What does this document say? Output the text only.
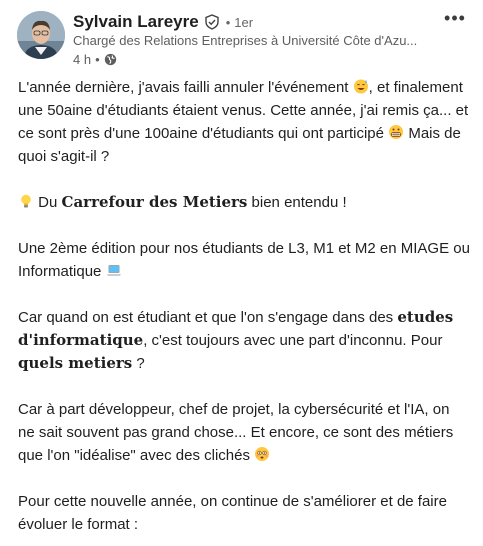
Sylvain Lareyre • 1er
Chargé des Relations Entreprises à Université Côte d'Azu...
4 h •
•••

L'année dernière, j'avais failli annuler l'événement , et finalement une 50aine d'étudiants étaient venus. Cette année, j'ai remis ça... et ce sont près d'une 100aine d'étudiants qui ont participé  Mais de quoi s'agit-il ?

Du Carrefour des Metiers bien entendu !

Une 2ème édition pour nos étudiants de L3, M1 et M2 en MIAGE ou Informatique

Car quand on est étudiant et que l'on s'engage dans des etudes d'informatique, c'est toujours avec une part d'inconnu. Pour quels metiers ?

Car à part développeur, chef de projet, la cybersécurité et l'IA, on ne sait souvent pas grand chose... Et encore, ce sont des métiers que l'on "idéalise" avec des clichés

Pour cette nouvelle année, on continue de s'améliorer et de faire évoluer le format :
